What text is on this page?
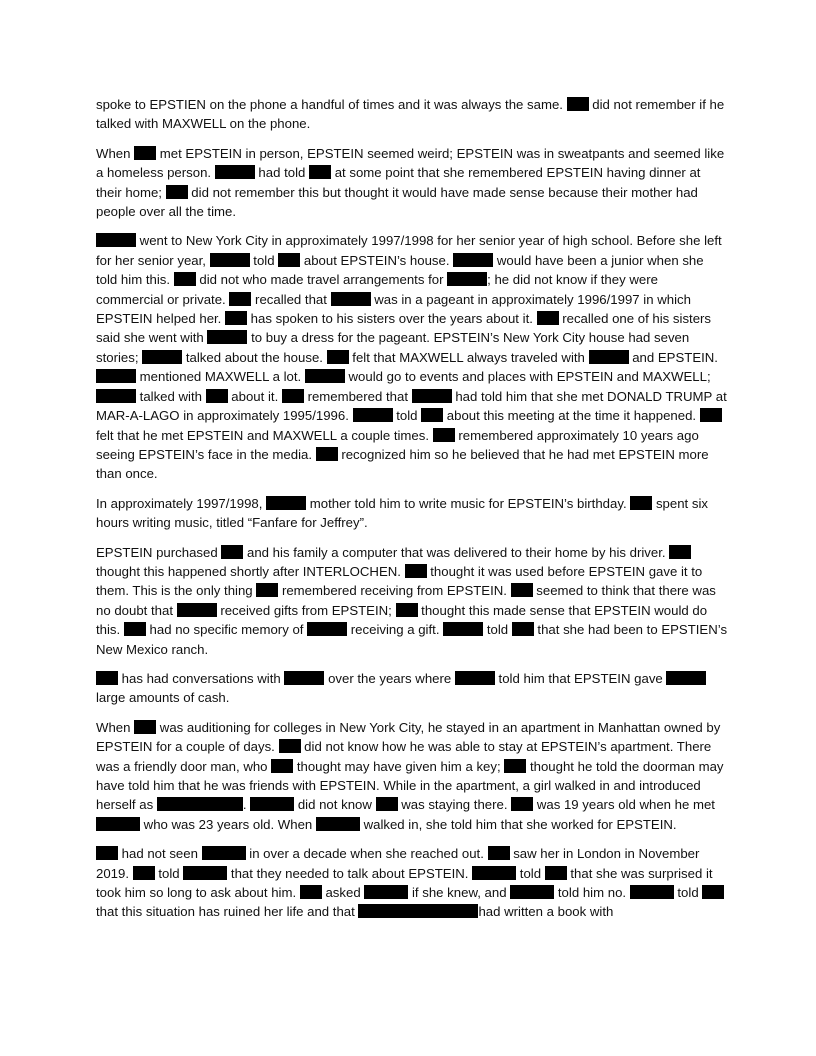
spoke to EPSTIEN on the phone a handful of times and it was always the same.  did not remember if he talked with MAXWELL on the phone.

When  met EPSTEIN in person, EPSTEIN seemed weird; EPSTEIN was in sweatpants and seemed like a homeless person.	had told  at some point that she remembered EPSTEIN having dinner at their home;  did not remember this but thought it would have made sense because their mother had people over all the time.

went to New York City in approximately 1997/1998 for her senior year of high school. Before she left for her senior year,	told  about EPSTEIN’s house.	would have been a junior when she told him this.  did not who made travel arrangements for	; he did not know if they were commercial or private.  recalled that	was in a pageant in approximately 1996/1997 in which EPSTEIN helped her.  has spoken to his sisters over the years about it.  recalled one of his sisters said she went with	to buy a dress for the pageant. EPSTEIN’s New York City house had seven stories;	talked about the house.  felt that MAXWELL always traveled with	and EPSTEIN.  mentioned MAXWELL a lot.	would go to events and places with EPSTEIN and MAXWELL;  talked with  about it.  remembered that	had told him that she met DONALD TRUMP at MAR-A-LAGO in approximately 1995/1996.	told  about this meeting at the time it happened.  felt that he met EPSTEIN and MAXWELL a couple times.  remembered approximately 10 years ago seeing EPSTEIN’s face in the media.  recognized him so he believed that he had met EPSTEIN more than once.

In approximately 1997/1998,	mother told him to write music for EPSTEIN’s birthday.  spent six hours writing music, titled “Fanfare for Jeffrey”.

EPSTEIN purchased  and his family a computer that was delivered to their home by his driver.  thought this happened shortly after INTERLOCHEN.  thought it was used before EPSTEIN gave it to them. This is the only thing  remembered receiving from EPSTEIN.  seemed to think that there was no doubt that	received gifts from EPSTEIN;  thought this made sense that EPSTEIN would do this.  had no specific memory of	receiving a gift.	told  that she had been to EPSTIEN’s New Mexico ranch.

has had conversations with	over the years where	told him that EPSTEIN gave  large amounts of cash.

When  was auditioning for colleges in New York City, he stayed in an apartment in Manhattan owned by EPSTEIN for a couple of days.  did not know how he was able to stay at EPSTEIN’s apartment. There was a friendly door man, who  thought may have given him a key;  thought he told the doorman may have told him that he was friends with EPSTEIN. While in the apartment, a girl walked in and introduced herself as	.	did not know  was staying there.  was 19 years old when he met  who was 23 years old. When	walked in, she told him that she worked for EPSTEIN.

had not seen	in over a decade when she reached out.  saw her in London in November 2019.  told	that they needed to talk about EPSTEIN.	told  that she was surprised it took him so long to ask about him.  asked	if she knew, and	told him no.	told  that this situation has ruined her life and that	had written a book with
